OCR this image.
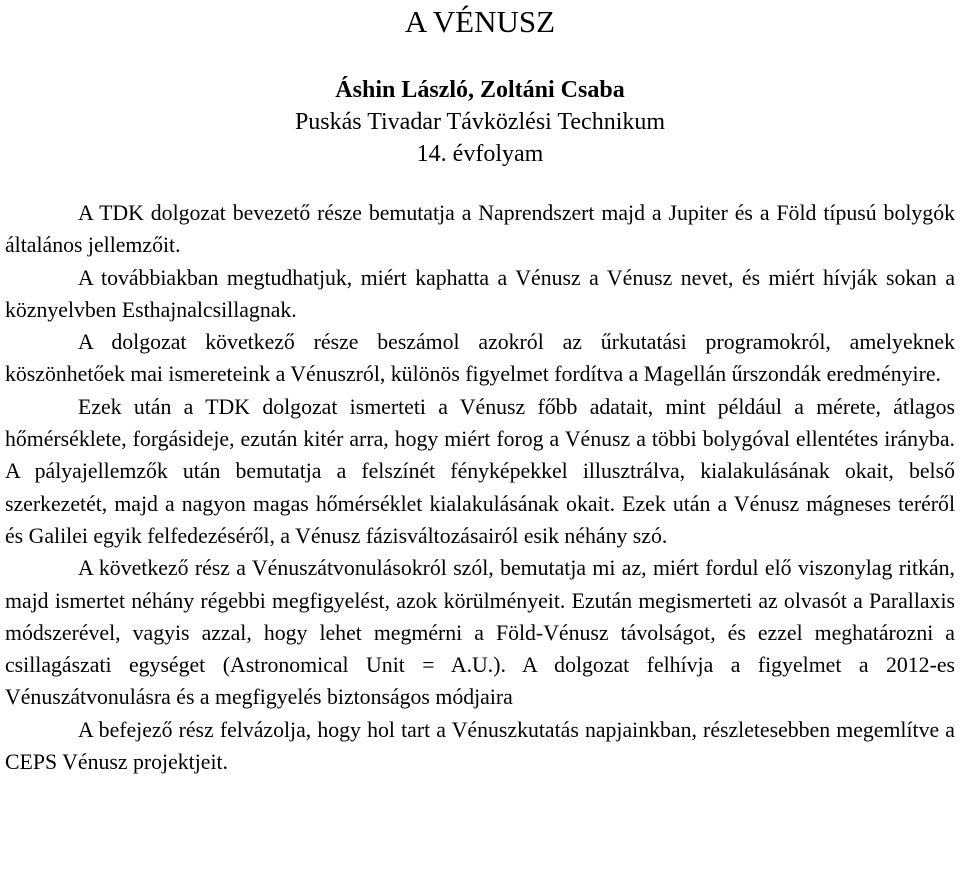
A VÉNUSZ
Áshin László, Zoltáni Csaba
Puskás Tivadar Távközlési Technikum
14. évfolyam

A TDK dolgozat bevezető része bemutatja a Naprendszert majd a Jupiter és a Föld típusú bolygók általános jellemzőit.

A továbbiakban megtudhatjuk, miért kaphatta a Vénusz a Vénusz nevet, és miért hívják sokan a köznyelvben Esthajnalcsillagnak.

A dolgozat következő része beszámol azokról az űrkutatási programokról, amelyeknek köszönhetőek mai ismereteink a Vénuszról, különös figyelmet fordítva a Magellán űrszondák eredményire.

Ezek után a TDK dolgozat ismerteti a Vénusz főbb adatait, mint például a mérete, átlagos hőmérséklete, forgásideje, ezután kitér arra, hogy miért forog a Vénusz a többi bolygóval ellentétes irányba. A pályajellemzők után bemutatja a felszínét fényképekkel illusztrálva, kialakulásának okait, belső szerkezetét, majd a nagyon magas hőmérséklet kialakulásának okait. Ezek után a Vénusz mágneses teréről és Galilei egyik felfedezéséről, a Vénusz fázisváltozásairól esik néhány szó.

A következő rész a Vénuszátvonulásokról szól, bemutatja mi az, miért fordul elő viszonylag ritkán, majd ismertet néhány régebbi megfigyelést, azok körülményeit. Ezután megismerteti az olvasót a Parallaxis módszerével, vagyis azzal, hogy lehet megmérni a Föld-Vénusz távolságot, és ezzel meghatározni a csillagászati egységet (Astronomical Unit = A.U.). A dolgozat felhívja a figyelmet a 2012-es Vénuszátvonulásra és a megfigyelés biztonságos módjaira

A befejező rész felvázolja, hogy hol tart a Vénuszkutatás napjainkban, részletesebben megemlítve a CEPS Vénusz projektjeit.
